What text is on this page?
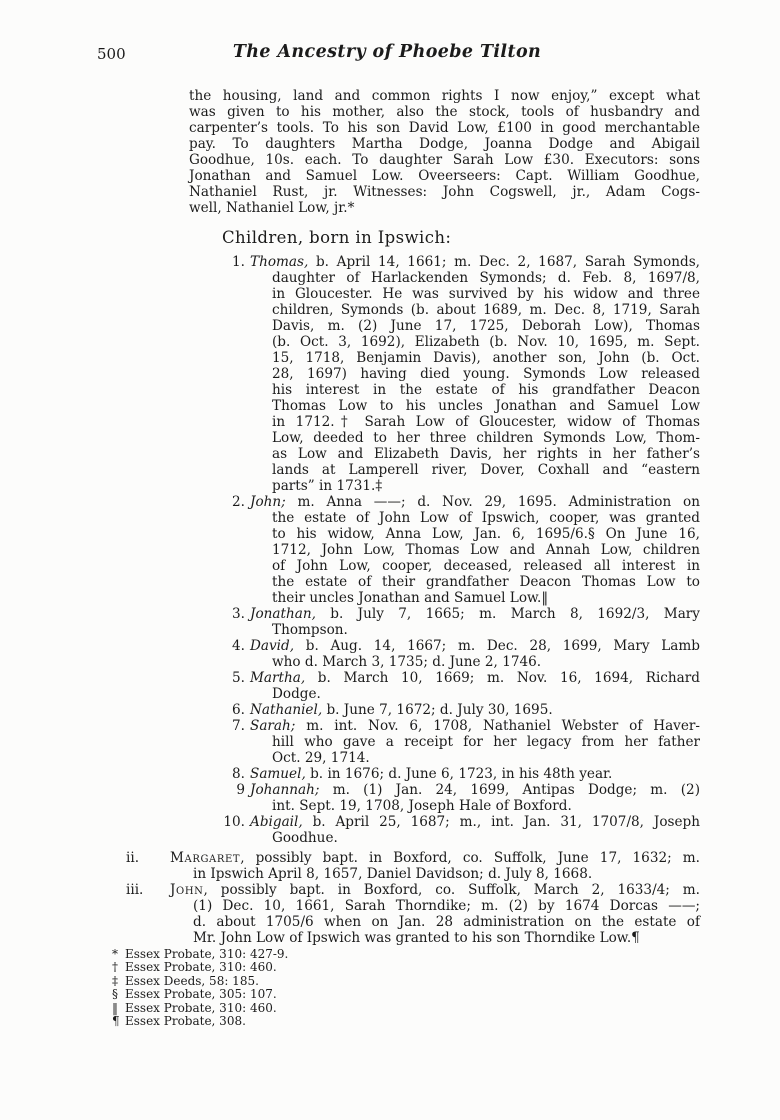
500	The Ancestry of Phoebe Tilton
the housing, land and common rights I now enjoy,” except what
was given to his mother, also the stock, tools of husbandry and
carpenter’s tools. To his son David Low, £100 in good merchantable
pay. To daughters Martha Dodge, Joanna Dodge and Abigail
Goodhue, 10s. each. To daughter Sarah Low £30. Executors: sons
Jonathan and Samuel Low. Oveerseers: Capt. William Goodhue,
Nathaniel Rust, jr. Witnesses: John Cogswell, jr., Adam Cogs-
well, Nathaniel Low, jr.*
Children, born in Ipswich:
1. Thomas, b. April 14, 1661; m. Dec. 2, 1687, Sarah Symonds,
daughter of Harlackenden Symonds; d. Feb. 8, 1697/8,
in Gloucester. He was survived by his widow and three
children, Symonds (b. about 1689, m. Dec. 8, 1719, Sarah
Davis, m. (2) June 17, 1725, Deborah Low), Thomas
(b. Oct. 3, 1692), Elizabeth (b. Nov. 10, 1695, m. Sept.
15, 1718, Benjamin Davis), another son, John (b. Oct.
28, 1697) having died young. Symonds Low released
his interest in the estate of his grandfather Deacon
Thomas Low to his uncles Jonathan and Samuel Low
in 1712.† Sarah Low of Gloucester, widow of Thomas
Low, deeded to her three children Symonds Low, Thom-
as Low and Elizabeth Davis, her rights in her father’s
lands at Lamperell river, Dover, Coxhall and “eastern
parts” in 1731.‡
2. John; m. Anna ——; d. Nov. 29, 1695. Administration on
the estate of John Low of Ipswich, cooper, was granted
to his widow, Anna Low, Jan. 6, 1695/6.§ On June 16,
1712, John Low, Thomas Low and Annah Low, children
of John Low, cooper, deceased, released all interest in
the estate of their grandfather Deacon Thomas Low to
their uncles Jonathan and Samuel Low.‖
3. Jonathan, b. July 7, 1665; m. March 8, 1692/3, Mary
Thompson.
4. David, b. Aug. 14, 1667; m. Dec. 28, 1699, Mary Lamb
who d. March 3, 1735; d. June 2, 1746.
5. Martha, b. March 10, 1669; m. Nov. 16, 1694, Richard
Dodge.
6. Nathaniel, b. June 7, 1672; d. July 30, 1695.
7. Sarah; m. int. Nov. 6, 1708, Nathaniel Webster of Haver-
hill who gave a receipt for her legacy from her father
Oct. 29, 1714.
8. Samuel, b. in 1676; d. June 6, 1723, in his 48th year.
9 Johannah; m. (1) Jan. 24, 1699, Antipas Dodge; m. (2)
int. Sept. 19, 1708, Joseph Hale of Boxford.
10. Abigail, b. April 25, 1687; m., int. Jan. 31, 1707/8, Joseph
Goodhue.
ii.	Margaret, possibly bapt. in Boxford, co. Suffolk, June 17, 1632; m.
in Ipswich April 8, 1657, Daniel Davidson; d. July 8, 1668.
iii.	John, possibly bapt. in Boxford, co. Suffolk, March 2, 1633/4; m.
(1) Dec. 10, 1661, Sarah Thorndike; m. (2) by 1674 Dorcas ——;
d. about 1705/6 when on Jan. 28 administration on the estate of
Mr. John Low of Ipswich was granted to his son Thorndike Low.¶
* Essex Probate, 310: 427-9.
† Essex Probate, 310: 460.
‡ Essex Deeds, 58: 185.
§ Essex Probate, 305: 107.
‖ Essex Probate, 310: 460.
¶ Essex Probate, 308.
